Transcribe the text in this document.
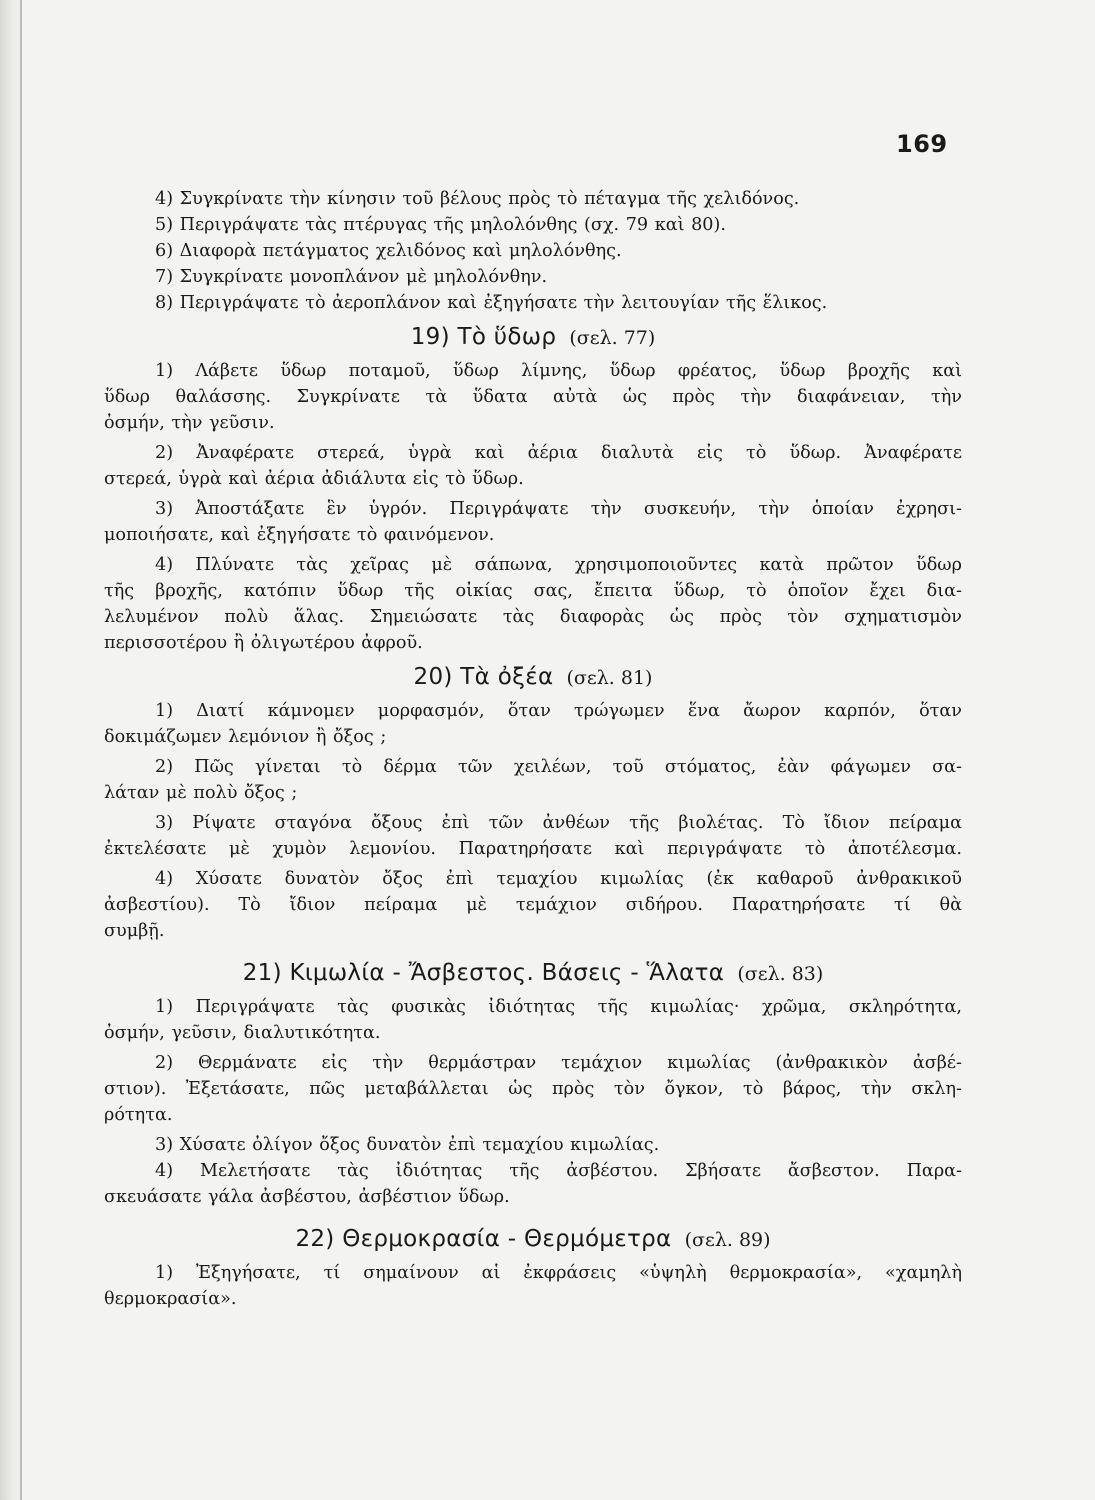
169
4) Συγκρίνατε τὴν κίνησιν τοῦ βέλους πρὸς τὸ πέταγμα τῆς χελιδόνος.
5) Περιγράψατε τὰς πτέρυγας τῆς μηλολόνθης (σχ. 79 καὶ 80).
6) Διαφορὰ πετάγματος χελιδόνος καὶ μηλολόνθης.
7) Συγκρίνατε μονοπλάνον μὲ μηλολόνθην.
8) Περιγράψατε τὸ ἀεροπλάνον καὶ ἐξηγήσατε τὴν λειτουγίαν τῆς ἕλικος.
19) Τὸ ὕδωρ (σελ. 77)
1) Λάβετε ὕδωρ ποταμοῦ, ὕδωρ λίμνης, ὕδωρ φρέατος, ὕδωρ βροχῆς καὶ
ὕδωρ θαλάσσης. Συγκρίνατε τὰ ὕδατα αὐτὰ ὡς πρὸς τὴν διαφάνειαν, τὴν
ὀσμήν, τὴν γεῦσιν.
2) Ἀναφέρατε στερεά, ὑγρὰ καὶ ἀέρια διαλυτὰ εἰς τὸ ὕδωρ. Ἀναφέρατε
στερεά, ὑγρὰ καὶ ἀέρια ἀδιάλυτα εἰς τὸ ὕδωρ.
3) Ἀποστάξατε ἓν ὑγρόν. Περιγράψατε τὴν συσκευήν, τὴν ὁποίαν ἐχρησι-
μοποιήσατε, καὶ ἐξηγήσατε τὸ φαινόμενον.
4) Πλύνατε τὰς χεῖρας μὲ σάπωνα, χρησιμοποιοῦντες κατὰ πρῶτον ὕδωρ
τῆς βροχῆς, κατόπιν ὕδωρ τῆς οἰκίας σας, ἔπειτα ὕδωρ, τὸ ὁποῖον ἔχει δια-
λελυμένον πολὺ ἅλας. Σημειώσατε τὰς διαφορὰς ὡς πρὸς τὸν σχηματισμὸν
περισσοτέρου ἢ ὀλιγωτέρου ἀφροῦ.
20) Τὰ ὀξέα (σελ. 81)
1) Διατί κάμνομεν μορφασμόν, ὅταν τρώγωμεν ἕνα ἄωρον καρπόν, ὅταν
δοκιμάζωμεν λεμόνιον ἢ ὄξος ;
2) Πῶς γίνεται τὸ δέρμα τῶν χειλέων, τοῦ στόματος, ἐὰν φάγωμεν σα-
λάταν μὲ πολὺ ὄξος ;
3) Ρίψατε σταγόνα ὄξους ἐπὶ τῶν ἀνθέων τῆς βιολέτας. Τὸ ἴδιον πείραμα
ἐκτελέσατε μὲ χυμὸν λεμονίου. Παρατηρήσατε καὶ περιγράψατε τὸ ἀποτέλεσμα.
4) Χύσατε δυνατὸν ὄξος ἐπὶ τεμαχίου κιμωλίας (ἐκ καθαροῦ ἀνθρακικοῦ
ἀσβεστίου). Τὸ ἴδιον πείραμα μὲ τεμάχιον σιδήρου. Παρατηρήσατε τί θὰ
συμβῇ.
21) Κιμωλία - Ἄσβεστος. Βάσεις - Ἅλατα (σελ. 83)
1) Περιγράψατε τὰς φυσικὰς ἰδιότητας τῆς κιμωλίας· χρῶμα, σκληρότητα,
ὀσμήν, γεῦσιν, διαλυτικότητα.
2) Θερμάνατε εἰς τὴν θερμάστραν τεμάχιον κιμωλίας (ἀνθρακικὸν ἀσβέ-
στιον). Ἐξετάσατε, πῶς μεταβάλλεται ὡς πρὸς τὸν ὄγκον, τὸ βάρος, τὴν σκλη-
ρότητα.
3) Χύσατε ὀλίγον ὄξος δυνατὸν ἐπὶ τεμαχίου κιμωλίας.
4) Μελετήσατε τὰς ἰδιότητας τῆς ἀσβέστου. Σβήσατε ἄσβεστον. Παρα-
σκευάσατε γάλα ἀσβέστου, ἀσβέστιον ὕδωρ.
22) Θερμοκρασία - Θερμόμετρα (σελ. 89)
1) Ἐξηγήσατε, τί σημαίνουν αἱ ἐκφράσεις «ὑψηλὴ θερμοκρασία», «χαμηλὴ
θερμοκρασία».
